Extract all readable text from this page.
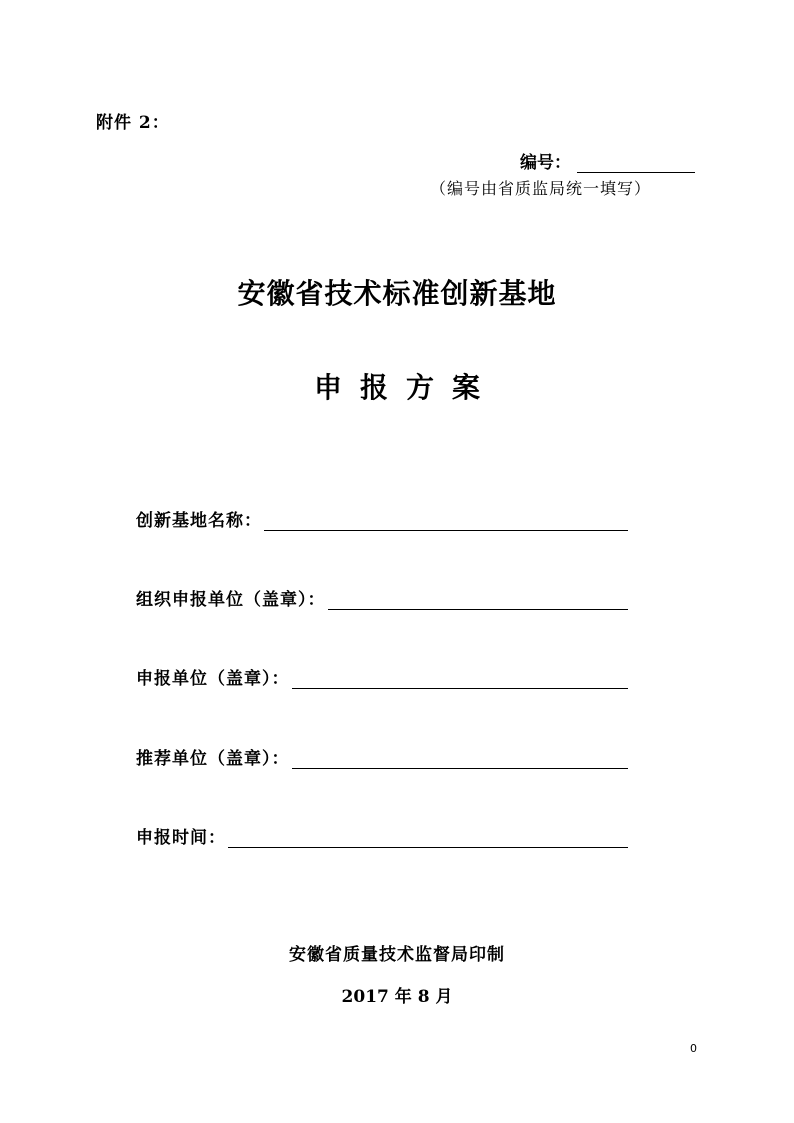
附件 2：
编号：
（编号由省质监局统一填写）
安徽省技术标准创新基地
申报方案
创新基地名称：
组织申报单位（盖章）：
申报单位（盖章）：
推荐单位（盖章）：
申报时间：
安徽省质量技术监督局印制
2017 年 8 月
0
